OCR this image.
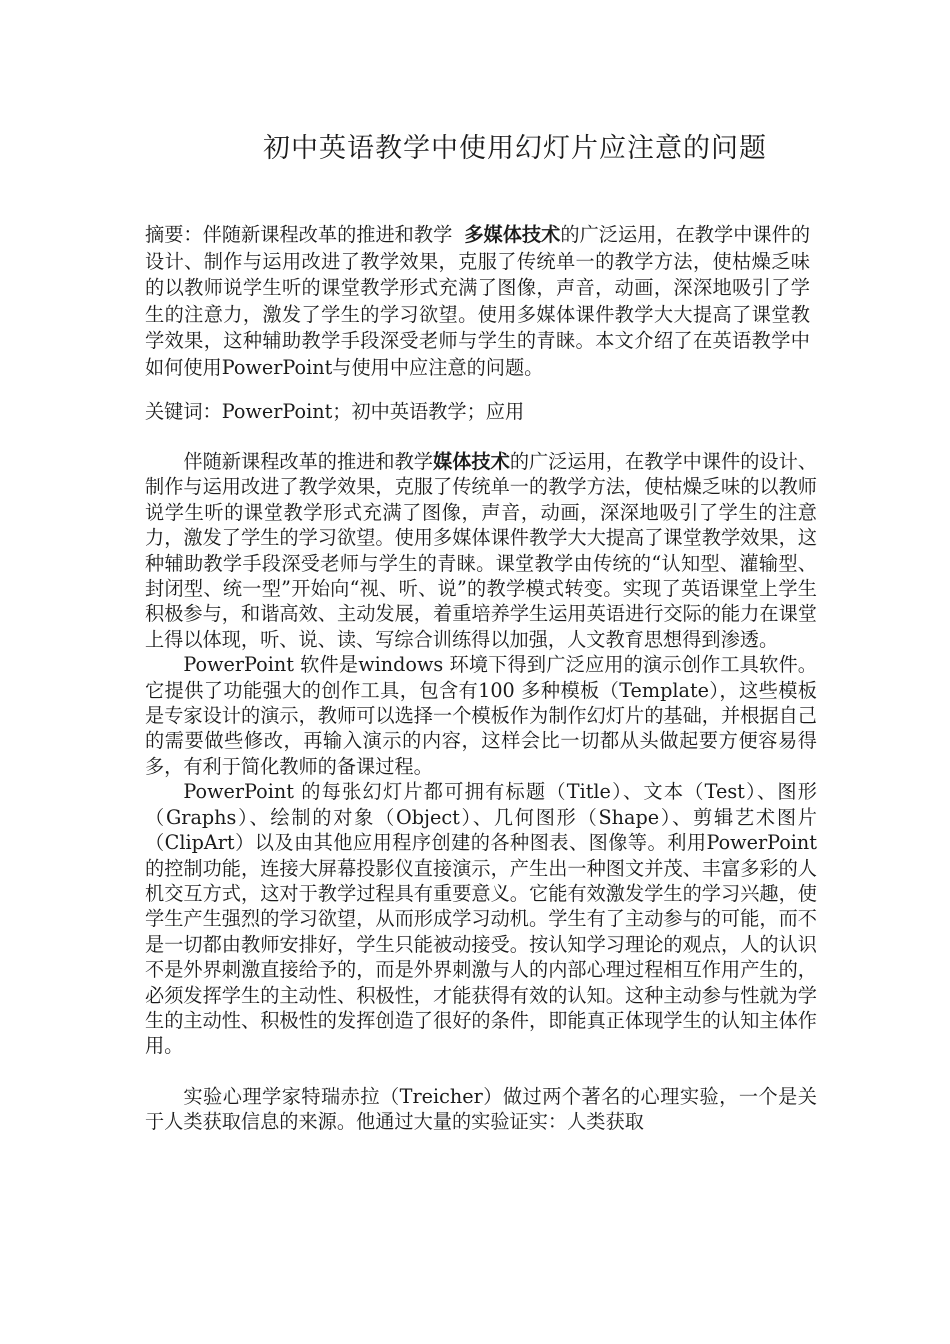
初中英语教学中使用幻灯片应注意的问题

摘要：伴随新课程改革的推进和教学 多媒体技术的广泛运用，在教学中课件的设计、制作与运用改进了教学效果，克服了传统单一的教学方法，使枯燥乏味的以教师说学生听的课堂教学形式充满了图像，声音，动画，深深地吸引了学生的注意力，激发了学生的学习欲望。使用多媒体课件教学大大提高了课堂教学效果，这种辅助教学手段深受老师与学生的青睐。本文介绍了在英语教学中如何使用PowerPoint与使用中应注意的问题。

关键词：PowerPoint；初中英语教学；应用

伴随新课程改革的推进和教学媒体技术的广泛运用，在教学中课件的设计、制作与运用改进了教学效果，克服了传统单一的教学方法，使枯燥乏味的以教师说学生听的课堂教学形式充满了图像，声音，动画，深深地吸引了学生的注意力，激发了学生的学习欲望。使用多媒体课件教学大大提高了课堂教学效果，这种辅助教学手段深受老师与学生的青睐。课堂教学由传统的“认知型、灌输型、封闭型、统一型”开始向“视、听、说”的教学模式转变。实现了英语课堂上学生积极参与，和谐高效、主动发展，着重培养学生运用英语进行交际的能力在课堂上得以体现，听、说、读、写综合训练得以加强，人文教育思想得到渗透。

PowerPoint 软件是windows 环境下得到广泛应用的演示创作工具软件。它提供了功能强大的创作工具，包含有100 多种模板（Template），这些模板是专家设计的演示，教师可以选择一个模板作为制作幻灯片的基础，并根据自己的需要做些修改，再输入演示的内容，这样会比一切都从头做起要方便容易得多，有利于简化教师的备课过程。

PowerPoint 的每张幻灯片都可拥有标题（Title）、文本（Test）、图形（Graphs）、绘制的对象（Object）、几何图形（Shape）、剪辑艺术图片（ClipArt）以及由其他应用程序创建的各种图表、图像等。利用PowerPoint 的控制功能，连接大屏幕投影仪直接演示，产生出一种图文并茂、丰富多彩的人机交互方式，这对于教学过程具有重要意义。它能有效激发学生的学习兴趣，使学生产生强烈的学习欲望，从而形成学习动机。学生有了主动参与的可能，而不是一切都由教师安排好，学生只能被动接受。按认知学习理论的观点，人的认识不是外界刺激直接给予的，而是外界刺激与人的内部心理过程相互作用产生的，必须发挥学生的主动性、积极性，才能获得有效的认知。这种主动参与性就为学生的主动性、积极性的发挥创造了很好的条件，即能真正体现学生的认知主体作用。

实验心理学家特瑞赤拉（Treicher）做过两个著名的心理实验，一个是关于人类获取信息的来源。他通过大量的实验证实：人类获取
